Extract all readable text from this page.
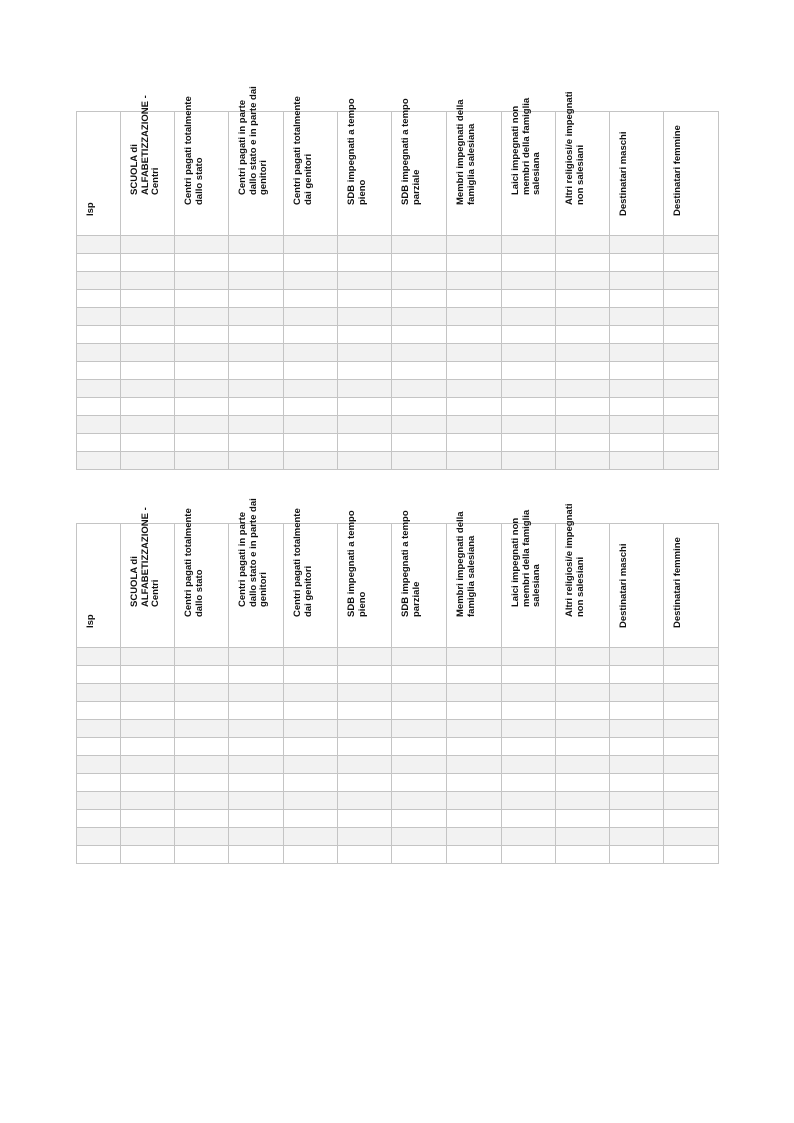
Isp	SCUOLA di ALFABETIZZAZIONE - Centri	Centri pagati totalmente dallo stato	Centri pagati in parte dallo stato e in parte dai genitori	Centri pagati totalmente dai genitori	SDB impegnati a tempo pieno	SDB impegnati a tempo parziale	Membri impegnati della famiglia salesiana	Laici impegnati non membri della famiglia salesiana	Altri religiosi/e impegnati non salesiani	Destinatari maschi	Destinatari femmine

Isp	SCUOLA di ALFABETIZZAZIONE - Centri	Centri pagati totalmente dallo stato	Centri pagati in parte dallo stato e in parte dai genitori	Centri pagati totalmente dai genitori	SDB impegnati a tempo pieno	SDB impegnati a tempo parziale	Membri impegnati della famiglia salesiana	Laici impegnati non membri della famiglia salesiana	Altri religiosi/e impegnati non salesiani	Destinatari maschi	Destinatari femmine
